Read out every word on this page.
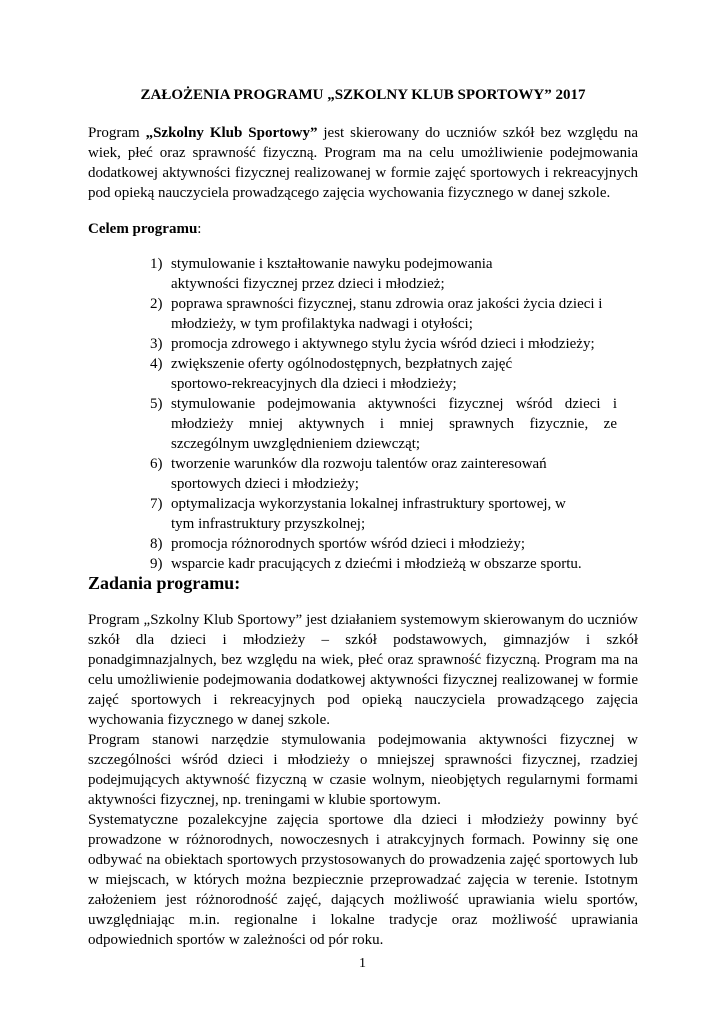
ZAŁOŻENIA PROGRAMU „SZKOLNY KLUB SPORTOWY” 2017
Program „Szkolny Klub Sportowy” jest skierowany do uczniów szkół bez względu na wiek, płeć oraz sprawność fizyczną. Program ma na celu umożliwienie podejmowania dodatkowej aktywności fizycznej realizowanej w formie zajęć sportowych i rekreacyjnych pod opieką nauczyciela prowadzącego zajęcia wychowania fizycznego w danej szkole.
Celem programu:
1) stymulowanie i kształtowanie nawyku podejmowania aktywności fizycznej przez dzieci i młodzież;
2) poprawa sprawności fizycznej, stanu zdrowia oraz jakości życia dzieci i młodzieży, w tym profilaktyka nadwagi i otyłości;
3) promocja zdrowego i aktywnego stylu życia wśród dzieci i młodzieży;
4) zwiększenie oferty ogólnodostępnych, bezpłatnych zajęć sportowo-rekreacyjnych dla dzieci i młodzieży;
5) stymulowanie podejmowania aktywności fizycznej wśród dzieci i młodzieży mniej aktywnych i mniej sprawnych fizycznie, ze szczególnym uwzględnieniem dziewcząt;
6) tworzenie warunków dla rozwoju talentów oraz zainteresowań sportowych dzieci i młodzieży;
7) optymalizacja wykorzystania lokalnej infrastruktury sportowej, w tym infrastruktury przyszkolnej;
8) promocja różnorodnych sportów wśród dzieci i młodzieży;
9) wsparcie kadr pracujących z dziećmi i młodzieżą w obszarze sportu.
Zadania programu:
Program „Szkolny Klub Sportowy” jest działaniem systemowym skierowanym do uczniów szkół dla dzieci i młodzieży – szkół podstawowych, gimnazjów i szkół ponadgimnazjalnych, bez względu na wiek, płeć oraz sprawność fizyczną. Program ma na celu umożliwienie podejmowania dodatkowej aktywności fizycznej realizowanej w formie zajęć sportowych i rekreacyjnych pod opieką nauczyciela prowadzącego zajęcia wychowania fizycznego w danej szkole.
Program stanowi narzędzie stymulowania podejmowania aktywności fizycznej w szczególności wśród dzieci i młodzieży o mniejszej sprawności fizycznej, rzadziej podejmujących aktywność fizyczną w czasie wolnym, nieobjętych regularnymi formami aktywności fizycznej, np. treningami w klubie sportowym.
Systematyczne pozalekcyjne zajęcia sportowe dla dzieci i młodzieży powinny być prowadzone w różnorodnych, nowoczesnych i atrakcyjnych formach. Powinny się one odbywać na obiektach sportowych przystosowanych do prowadzenia zajęć sportowych lub w miejscach, w których można bezpiecznie przeprowadzać zajęcia w terenie. Istotnym założeniem jest różnorodność zajęć, dających możliwość uprawiania wielu sportów, uwzględniając m.in. regionalne i lokalne tradycje oraz możliwość uprawiania odpowiednich sportów w zależności od pór roku.
1
